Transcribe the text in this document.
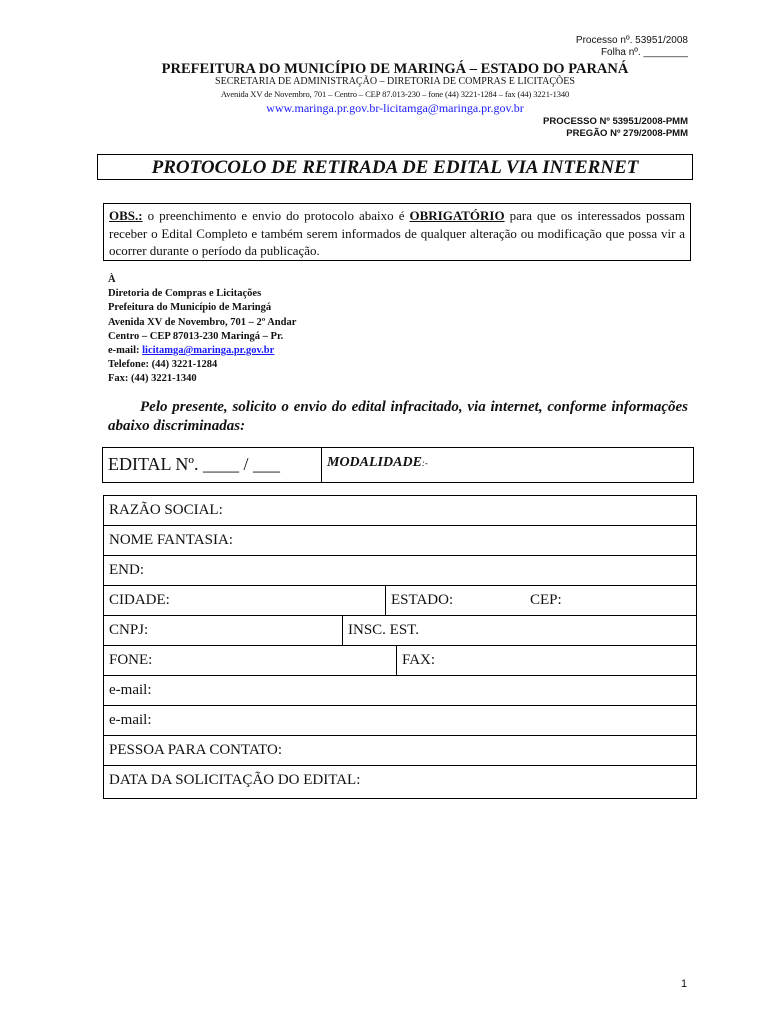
Processo nº. 53951/2008
Folha nº. ________
PREFEITURA DO MUNICÍPIO DE MARINGÁ – ESTADO DO PARANÁ
SECRETARIA DE ADMINISTRAÇÃO – DIRETORIA DE COMPRAS E LICITAÇÕES
Avenida XV de Novembro, 701 – Centro – CEP 87.013-230 – fone (44) 3221-1284 – fax (44) 3221-1340
www.maringa.pr.gov.br-licitamga@maringa.pr.gov.br
PROCESSO Nº 53951/2008-PMM
PREGÃO Nº 279/2008-PMM
PROTOCOLO DE RETIRADA DE EDITAL VIA INTERNET
OBS.: o preenchimento e envio do protocolo abaixo é OBRIGATÓRIO para que os interessados possam receber o Edital Completo e também serem informados de qualquer alteração ou modificação que possa vir a ocorrer durante o período da publicação.
À
Diretoria de Compras e Licitações
Prefeitura do Município de Maringá
Avenida XV de Novembro, 701 – 2º Andar
Centro – CEP 87013-230 Maringá – Pr.
e-mail: licitamga@maringa.pr.gov.br
Telefone: (44) 3221-1284
Fax: (44) 3221-1340
Pelo presente, solicito o envio do edital infracitado, via internet, conforme informações abaixo discriminadas:
EDITAL Nº. ____ / ___	MODALIDADE:-
RAZÃO SOCIAL:
NOME FANTASIA:
END:
CIDADE:	ESTADO:	CEP:
CNPJ:	INSC. EST.
FONE:	FAX:
e-mail:
e-mail:
PESSOA PARA CONTATO:
DATA DA SOLICITAÇÃO DO EDITAL:
1
